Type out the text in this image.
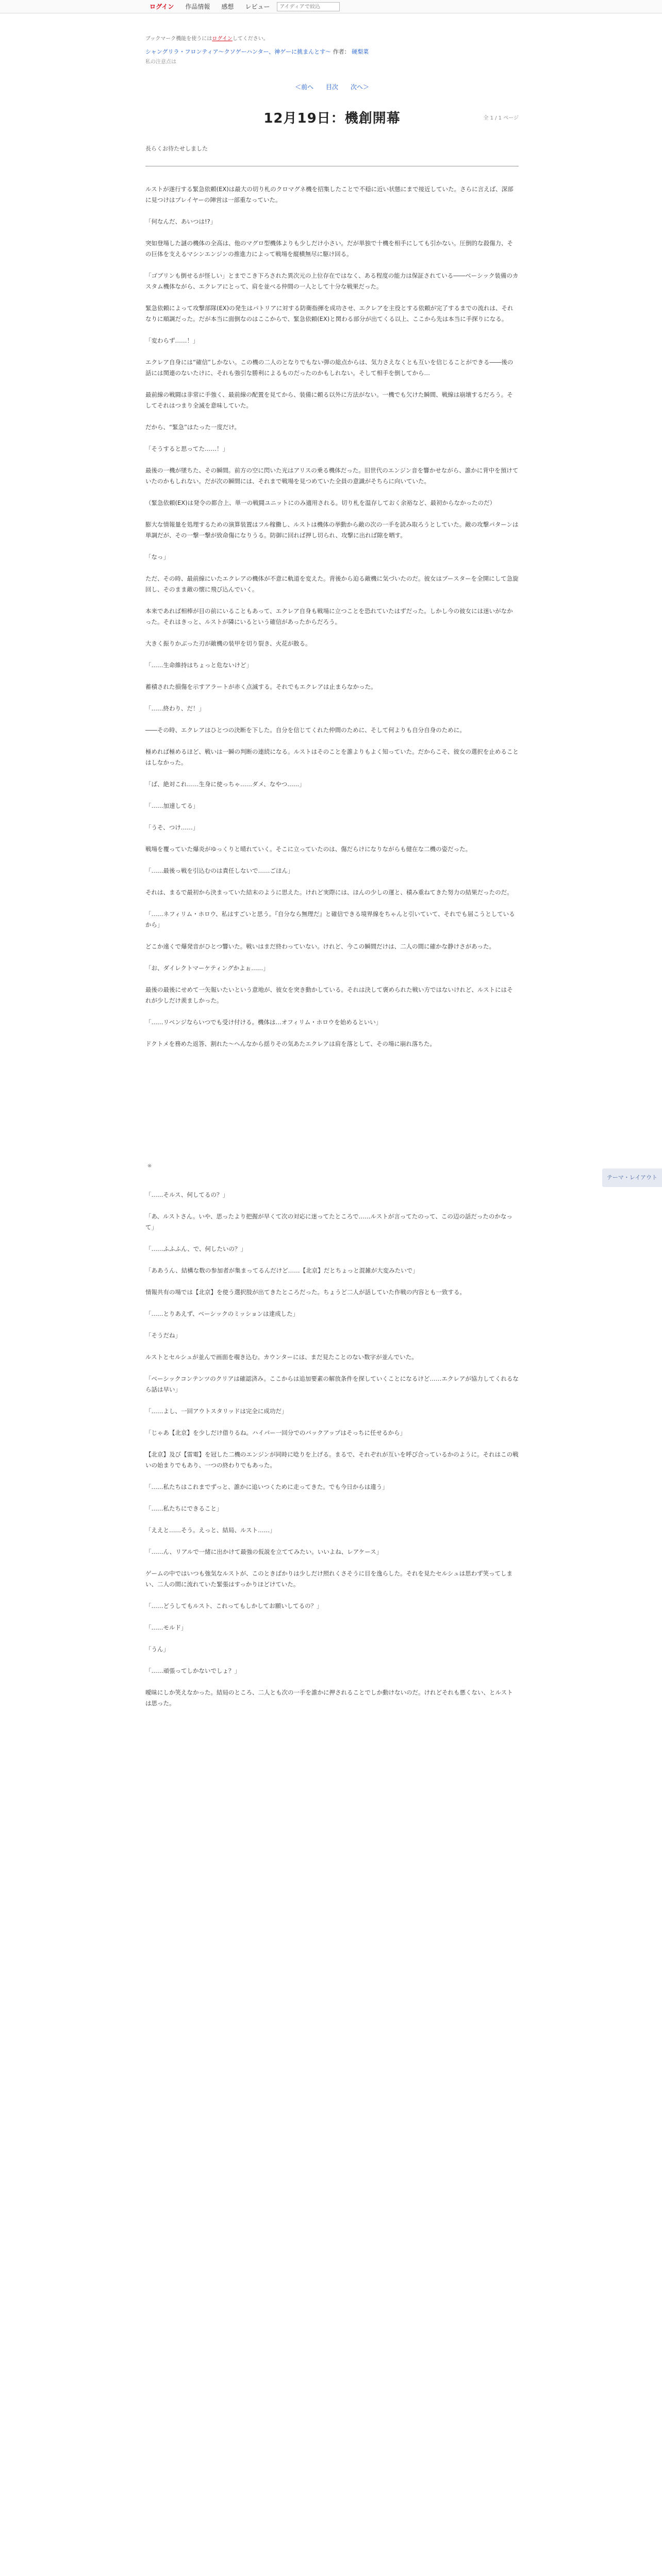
ログイン	作品情報	感想	レビュー
アイディアで絞込
ブックマーク機能を使うにはログインしてください。
シャングリラ・フロンティア～クソゲーハンター、神ゲーに挑まんとす～ 作者： 硬梨菜
私の注意点は
＜前へ 目次 次へ＞
全 1 / 1 ページ
12月19日：機創開幕
長らくお待たせしました

ルストが遂行する緊急依頼(EX)は最大の切り札のクロマグネ機を招集したことで不穏に近い状態にまで接近していた。さらに言えば、深部に見つけはプレイヤーの陣営は一部重なっていた。

「何なんだ、あいつは!?」

突如登場した謎の機体の全高は、他のマグロ型機体よりも少しだけ小さい。だが単独で十機を相手にしても引かない。圧倒的な殺傷力、その巨体を支えるマシンエンジンの推進力によって戦場を縦横無尽に駆け回る。

「ゴブリンも倒せるが怪しい」とまでこき下ろされた異次元の上位存在ではなく、ある程度の能力は保証されている――ベーシック装備のカスタム機体ながら、エクレアにとって、肩を並べる仲間の一人として十分な戦果だった。

緊急依頼によって攻撃部隊(EX)の発生はパトリアに対する防衛指揮を成功させ、エクレアを主役とする依頼が完了するまでの流れは、それなりに順調だった。だが本当に面倒なのはここからで、緊急依頼(EX)と関わる部分が出てくる以上、ここから先は本当に手探りになる。

「変わらず……！」

エクレア自身には“確信”しかない。この機の二人のとなりでもない弾の総点からは、気力さえなくとも互いを信じることができる――後の話には関連のないたけに、それも強引な勝利によるものだったのかもしれない。そして相手を倒してから…

最前線の戦闘は非常に手強く、最前線の配置を見てから、装備に頼る以外に方法がない。一機でも欠けた瞬間、戦線は崩壊するだろう。そしてそれはつまり全滅を意味していた。

だから、“緊急”はたった一度だけ。

「そうすると思ってた……！」

最後の一機が墜ちた、その瞬間。前方の空に閃いた光はアリスの乗る機体だった。旧世代のエンジン音を響かせながら、誰かに背中を預けていたのかもしれない。だが次の瞬間には、それまで戦場を見つめていた全員の意識がそちらに向いていた。

（緊急依頼(EX)は発令の都合上、単一の戦闘ユニットにのみ適用される。切り札を温存しておく余裕など、最初からなかったのだ）

膨大な情報量を処理するための演算装置はフル稼働し、ルストは機体の挙動から敵の次の一手を読み取ろうとしていた。敵の攻撃パターンは単調だが、その一撃一撃が致命傷になりうる。防御に回れば押し切られ、攻撃に出れば隙を晒す。

「なっ」

ただ、その時、最前線にいたエクレアの機体が不意に軌道を変えた。背後から迫る敵機に気づいたのだ。彼女はブースターを全開にして急旋回し、そのまま敵の懐に飛び込んでいく。

本来であれば相棒が目の前にいることもあって、エクレア自身も戦場に立つことを恐れていたはずだった。しかし今の彼女には迷いがなかった。それはきっと、ルストが隣にいるという確信があったからだろう。

大きく振りかぶった刃が敵機の装甲を切り裂き、火花が散る。

「……生命維持はちょっと危ないけど」

蓄積された損傷を示すアラートが赤く点滅する。それでもエクレアは止まらなかった。

「……終わり、だ！」

――その時、エクレアはひとつの決断を下した。自分を信じてくれた仲間のために、そして何よりも自分自身のために。

極めれば極めるほど、戦いは一瞬の判断の連続になる。ルストはそのことを誰よりもよく知っていた。だからこそ、彼女の選択を止めることはしなかった。

「ば、絶対これ……生身に使っちゃ……ダメ、なやつ……」

「……加速してる」

「うそ、つけ……」

戦場を覆っていた爆炎がゆっくりと晴れていく。そこに立っていたのは、傷だらけになりながらも健在な二機の姿だった。

「……最後っ戦を引込むのは責任しないで……ごほん」

それは、まるで最初から決まっていた結末のように思えた。けれど実際には、ほんの少しの運と、積み重ねてきた努力の結果だったのだ。

「……ネフィリム・ホロウ、私はすごいと思う。『自分なら無理だ』と確信できる境界線をちゃんと引いていて、それでも届こうとしているから」

どこか遠くで爆発音がひとつ響いた。戦いはまだ終わっていない。けれど、今この瞬間だけは、二人の間に確かな静けさがあった。

「お、ダイレクトマーケティングかよぉ……」

最後の最後にせめて一矢報いたいという意地が、彼女を突き動かしている。それは決して褒められた戦い方ではないけれど、ルストにはそれが少しだけ羨ましかった。

「……リベンジならいつでも受け付ける。機体は…オフィリム・ホロウを始めるといい」

ドクトメを務めた返答、割れた～へんなから揺りその気あたエクレアは肩を落として、その場に崩れ落ちた。

※

「……そルス、何してるの？」

「あ、ルストさん。いや、思ったより把握が早くて次の対応に迷ってたところで……ルストが言ってたのって、この辺の話だったのかなって」

「……ふふふん、で、何したいの？」

「ああうん、結構な数の参加者が集まってるんだけど……【北京】だとちょっと混雑が大変みたいで」

情報共有の場では【北京】を使う選択肢が出てきたところだった。ちょうど二人が話していた作戦の内容とも一致する。

「……とりあえず、ベーシックのミッションは達成した」

「そうだね」

ルストとセルシュが並んで画面を覗き込む。カウンターには、まだ見たことのない数字が並んでいた。

「ベーシックコンテンツのクリアは確認済み。ここからは追加要素の解放条件を探していくことになるけど……エクレアが協力してくれるなら話は早い」

「……よし、一回アウトスタリッドは完全に成功だ」

「じゃあ【北京】を少しだけ借りるね。ハイパー一回分でのバックアップはそっちに任せるから」

【北京】及び【雷電】を冠した二機のエンジンが同時に唸りを上げる。まるで、それぞれが互いを呼び合っているかのように。それはこの戦いの始まりでもあり、一つの終わりでもあった。

「……私たちはこれまでずっと、誰かに追いつくために走ってきた。でも今日からは違う」

「……私たちにできること」

「ええと……そう。えっと、結局、ルスト……」

「……ん、リアルで一緒に出かけて最強の仮説を立ててみたい。いいよね、レアケース」

ゲームの中ではいつも強気なルストが、このときばかりは少しだけ照れくさそうに目を逸らした。それを見たセルシュは思わず笑ってしまい、二人の間に流れていた緊張はすっかりほどけていた。

「……どうしてもルスト、これってもしかしてお願いしてるの？」

「……モルド」

「うん」

「……頑張ってしかないでしょ？」

曖昧にしか笑えなかった。結局のところ、二人とも次の一手を誰かに押されることでしか動けないのだ。けれどそれも悪くない、とルストは思った。

テーマ・レイアウト
